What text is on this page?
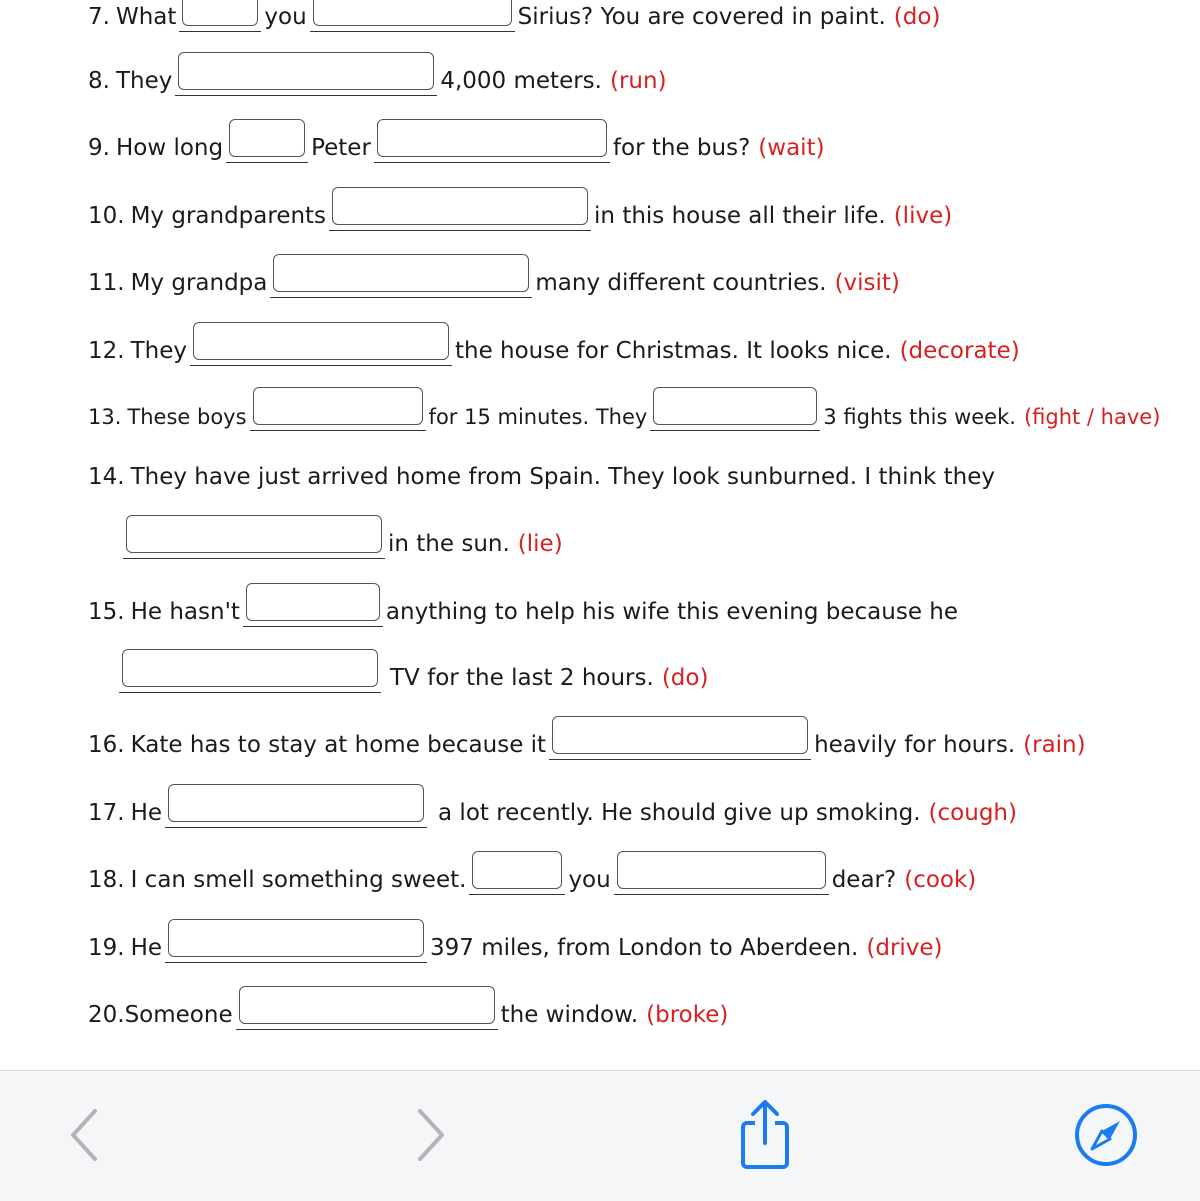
7. What	you	Sirius? You are covered in paint. (do)
8. They	4,000 meters. (run)
9. How long	Peter	for the bus? (wait)
10. My grandparents	in this house all their life. (live)
11. My grandpa	many different countries. (visit)
12. They	the house for Christmas. It looks nice. (decorate)
13. These boys	for 15 minutes. They	3 fights this week. (fight / have)
14. They have just arrived home from Spain. They look sunburned. I think they
in the sun. (lie)
15. He hasn't	anything to help his wife this evening because he
TV for the last 2 hours. (do)
16. Kate has to stay at home because it	heavily for hours. (rain)
17. He	a lot recently. He should give up smoking. (cough)
18. I can smell something sweet.	you	dear? (cook)
19. He	397 miles, from London to Aberdeen. (drive)
20. Someone	the window. (broke)
